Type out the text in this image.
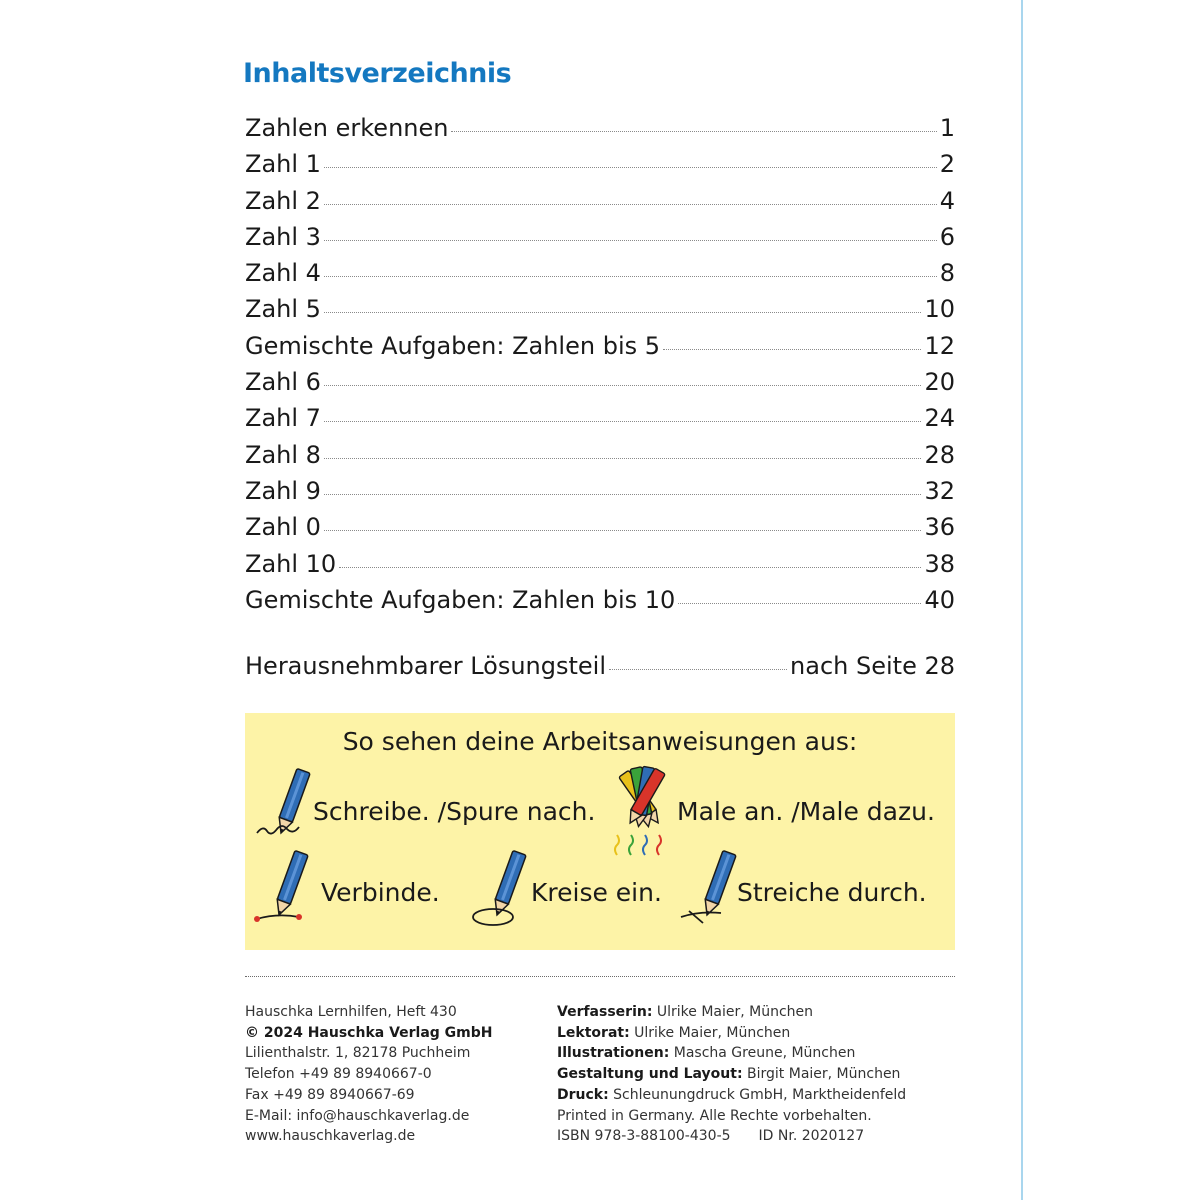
Inhaltsverzeichnis
Zahlen erkennen	1
Zahl 1	2
Zahl 2	4
Zahl 3	6
Zahl 4	8
Zahl 5	10
Gemischte Aufgaben: Zahlen bis 5	12
Zahl 6	20
Zahl 7	24
Zahl 8	28
Zahl 9	32
Zahl 0	36
Zahl 10	38
Gemischte Aufgaben: Zahlen bis 10	40
Herausnehmbarer Lösungsteil	nach Seite 28
So sehen deine Arbeitsanweisungen aus:
Schreibe. /Spure nach.	Male an. /Male dazu.
Verbinde.	Kreise ein.	Streiche durch.
Hauschka Lernhilfen, Heft 430
© 2024 Hauschka Verlag GmbH
Lilienthalstr. 1, 82178 Puchheim
Telefon +49 89 8940667-0
Fax +49 89 8940667-69
E-Mail: info@hauschkaverlag.de
www.hauschkaverlag.de
Verfasserin: Ulrike Maier, München
Lektorat: Ulrike Maier, München
Illustrationen: Mascha Greune, München
Gestaltung und Layout: Birgit Maier, München
Druck: Schleunungdruck GmbH, Marktheidenfeld
Printed in Germany. Alle Rechte vorbehalten.
ISBN 978-3-88100-430-5 ID Nr. 2020127
